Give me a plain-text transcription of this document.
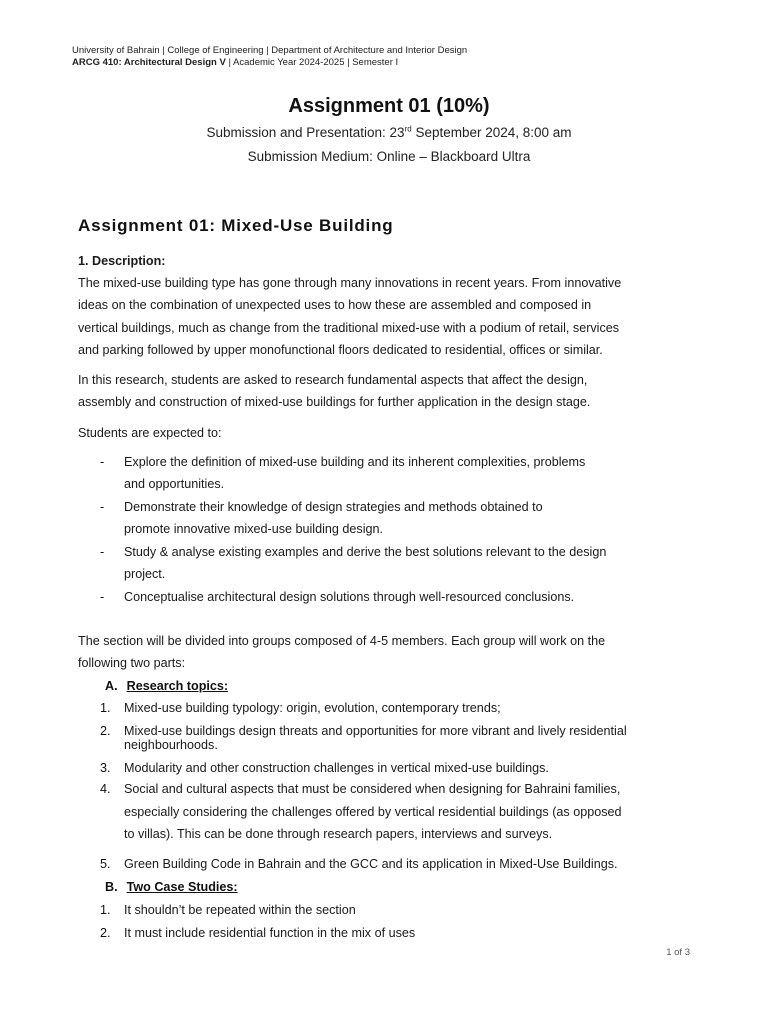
University of Bahrain | College of Engineering | Department of Architecture and Interior Design
ARCG 410: Architectural Design V | Academic Year 2024-2025 | Semester I
Assignment 01 (10%)
Submission and Presentation: 23rd September 2024, 8:00 am
Submission Medium: Online – Blackboard Ultra
Assignment 01: Mixed-Use Building
1. Description:
The mixed-use building type has gone through many innovations in recent years. From innovative
ideas on the combination of unexpected uses to how these are assembled and composed in
vertical buildings, much as change from the traditional mixed-use with a podium of retail, services
and parking followed by upper monofunctional floors dedicated to residential, offices or similar.
In this research, students are asked to research fundamental aspects that affect the design,
assembly and construction of mixed-use buildings for further application in the design stage.
Students are expected to:
- Explore the definition of mixed-use building and its inherent complexities, problems
and opportunities.
- Demonstrate their knowledge of design strategies and methods obtained to
promote innovative mixed-use building design.
- Study & analyse existing examples and derive the best solutions relevant to the design
project.
- Conceptualise architectural design solutions through well-resourced conclusions.
The section will be divided into groups composed of 4-5 members. Each group will work on the
following two parts:
A. Research topics:
1. Mixed-use building typology: origin, evolution, contemporary trends;
2. Mixed-use buildings design threats and opportunities for more vibrant and lively residential
neighbourhoods.
3. Modularity and other construction challenges in vertical mixed-use buildings.
4. Social and cultural aspects that must be considered when designing for Bahraini families,
especially considering the challenges offered by vertical residential buildings (as opposed
to villas). This can be done through research papers, interviews and surveys.
5. Green Building Code in Bahrain and the GCC and its application in Mixed-Use Buildings.
B. Two Case Studies:
1. It shouldn’t be repeated within the section
2. It must include residential function in the mix of uses
1 of 3
